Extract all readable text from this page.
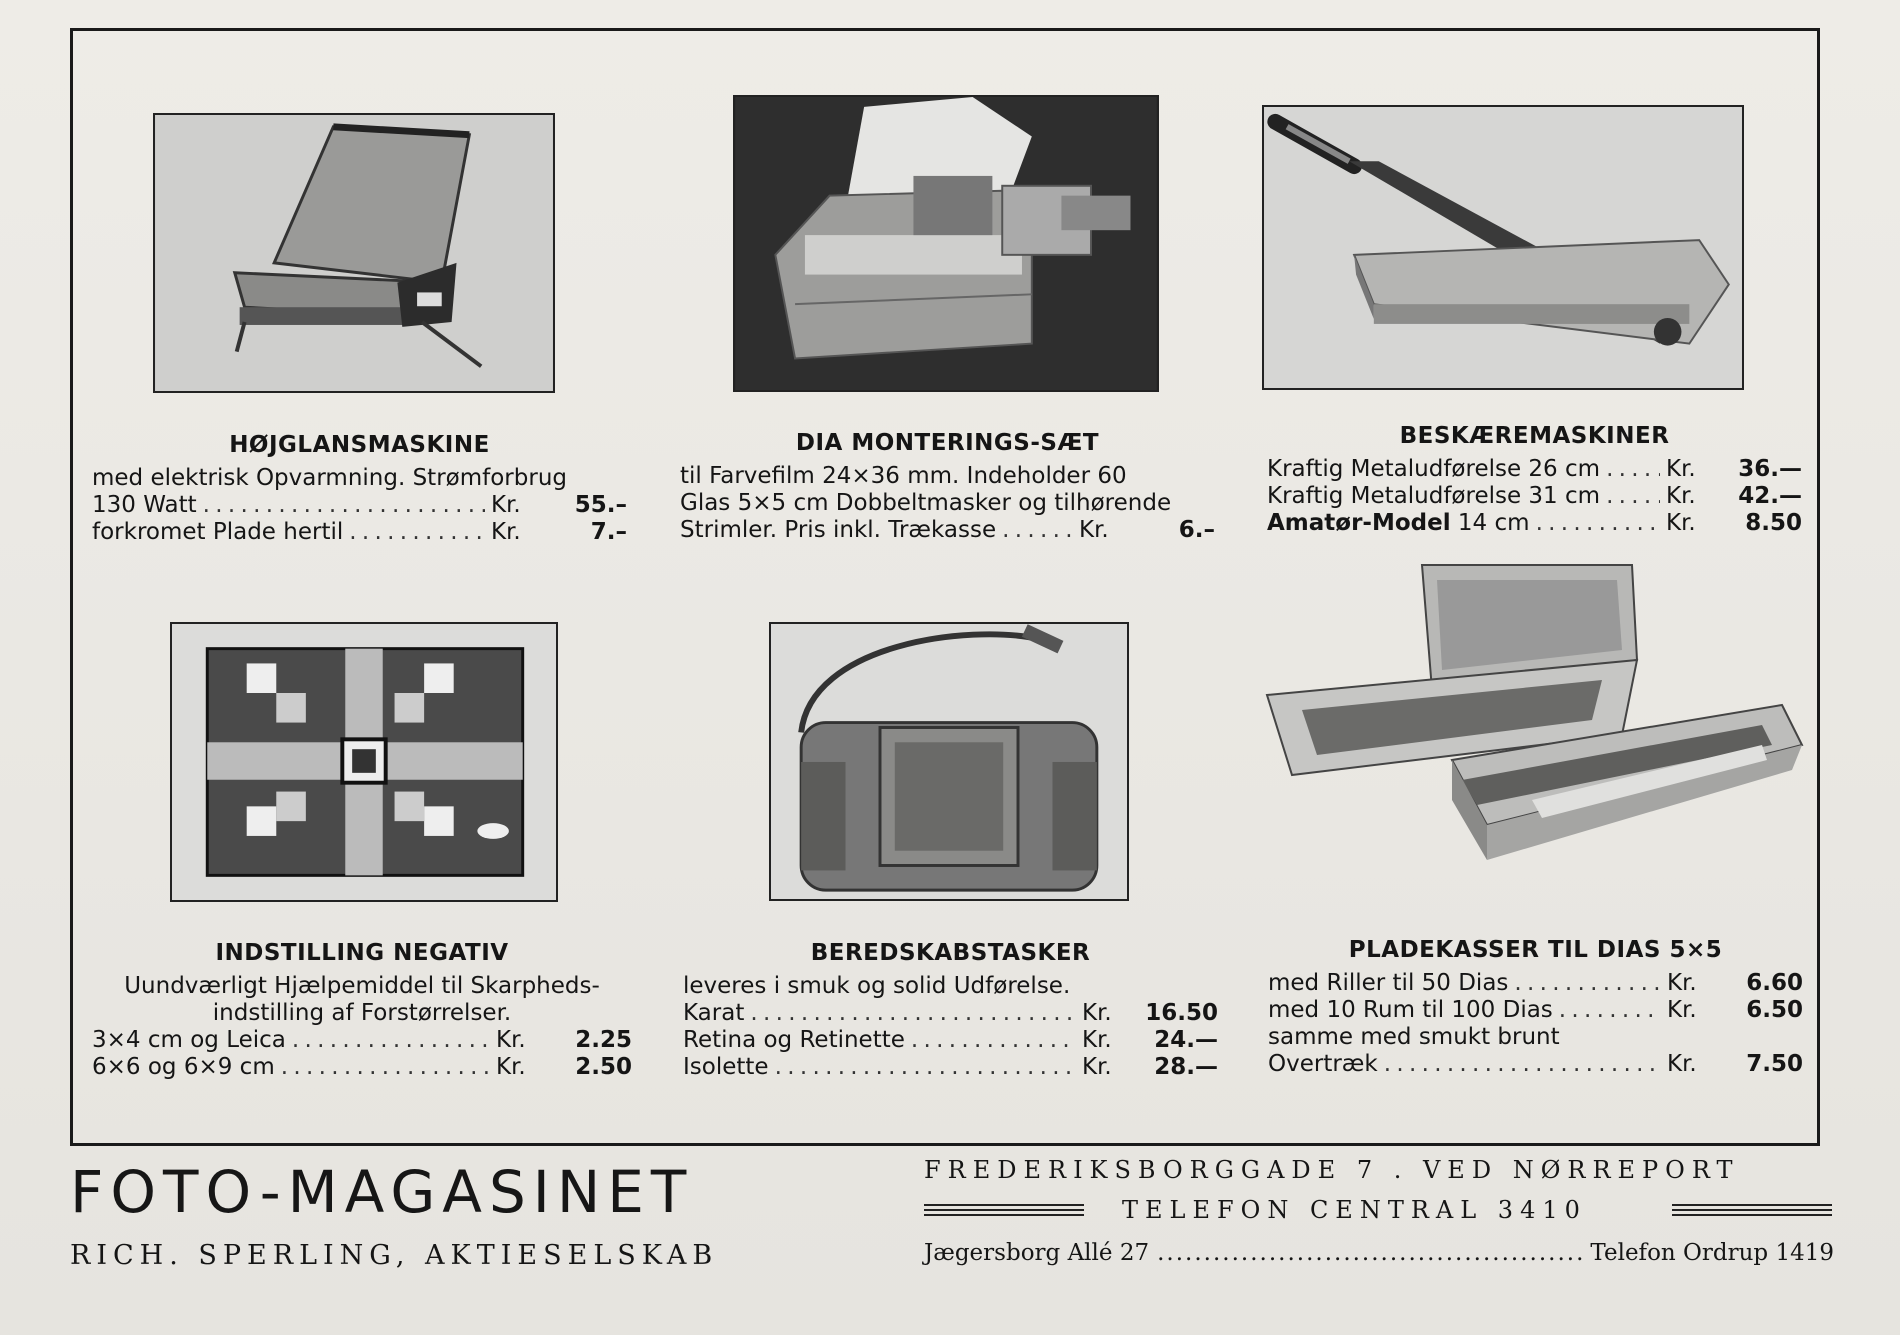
HØJGLANSMASKINE
med elektrisk Opvarmning. Strømforbrug
130 Watt . . .	Kr.	55.–
forkromet Plade hertil . . .	Kr.	7.–
DIA MONTERINGS-SÆT
til Farvefilm 24×36 mm. Indeholder 60
Glas 5×5 cm Dobbeltmasker og tilhørende
Strimler. Pris inkl. Trækasse . . .	Kr.	6.–
BESKÆREMASKINER
Kraftig Metaludførelse 26 cm . . .	Kr.	36.—
Kraftig Metaludførelse 31 cm . . .	Kr.	42.—
Amatør-Model 14 cm . . .	Kr.	8.50
INDSTILLING NEGATIV
Uundværligt Hjælpemiddel til Skarpheds-
indstilling af Forstørrelser.
3×4 cm og Leica . . .	Kr.	2.25
6×6 og 6×9 cm . . .	Kr.	2.50
BEREDSKABSTASKER
leveres i smuk og solid Udførelse.
Karat . . .	Kr.	16.50
Retina og Retinette . . .	Kr.	24.—
Isolette . . .	Kr.	28.—
PLADEKASSER TIL DIAS 5×5
med Riller til 50 Dias . . .	Kr.	6.60
med 10 Rum til 100 Dias . . .	Kr.	6.50
samme med smukt brunt
Overtræk . . .	Kr.	7.50
FOTO-MAGASINET
RICH. SPERLING, AKTIESELSKAB
FREDERIKSBORGGADE 7 . VED NØRREPORT
TELEFON CENTRAL 3410
Jægersborg Allé 27 .....	Telefon Ordrup 1419
